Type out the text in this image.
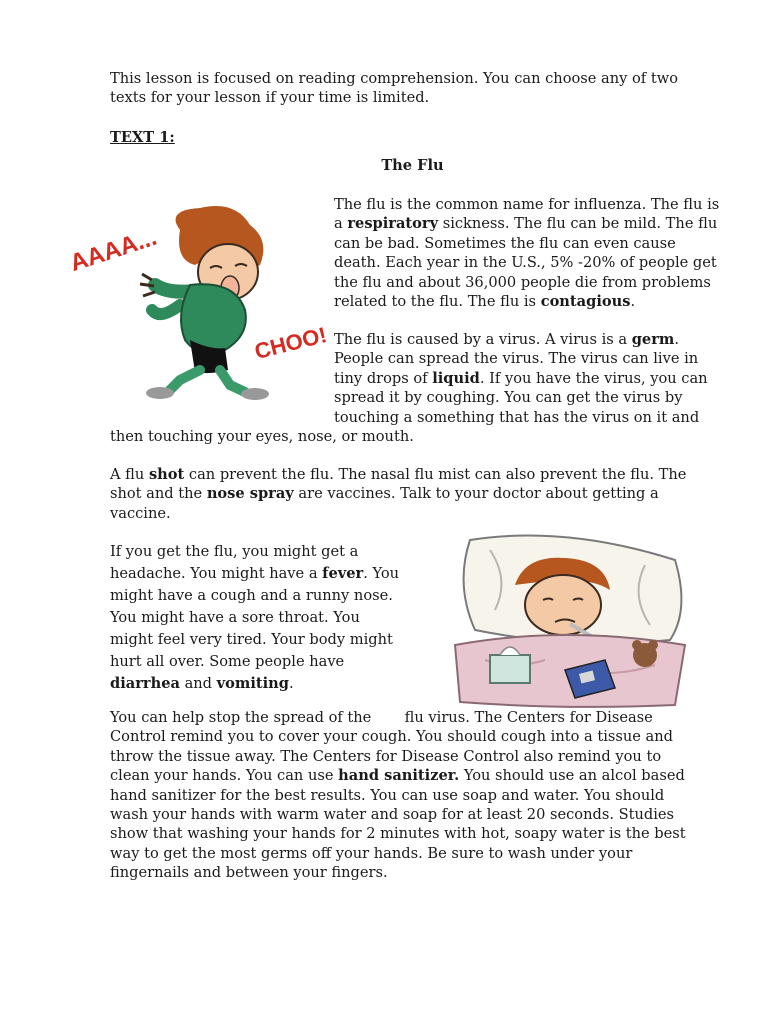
This lesson is focused on reading comprehension. You can choose any of two texts for your lesson if your time is limited.

TEXT 1:

The Flu

AAAA...
CHOO!

The flu is the common name for influenza. The flu is a respiratory sickness. The flu can be mild. The flu can be bad. Sometimes the flu can even cause death. Each year in the U.S., 5% -20% of people get the flu and about 36,000 people die from problems related to the flu. The flu is contagious.

The flu is caused by a virus. A virus is a germ. People can spread the virus. The virus can live in tiny drops of liquid. If you have the virus, you can spread it by coughing. You can get the virus by touching a something that has the virus on it and
then touching your eyes, nose, or mouth.

A flu shot can prevent the flu. The nasal flu mist can also prevent the flu. The shot and the nose spray are vaccines. Talk to your doctor about getting a vaccine.

If you get the flu, you might get a headache. You might have a fever. You might have a cough and a runny nose. You might have a sore throat. You might feel very tired. Your body might hurt all over. Some people have diarrhea and vomiting.

You can help stop the spread of the flu virus. The Centers for Disease Control remind you to cover your cough. You should cough into a tissue and throw the tissue away. The Centers for Disease Control also remind you to clean your hands. You can use hand sanitizer. You should use an alcol based hand sanitizer for the best results. You can use soap and water. You should wash your hands with warm water and soap for at least 20 seconds. Studies show that washing your hands for 2 minutes with hot, soapy water is the best way to get the most germs off your hands. Be sure to wash under your fingernails and between your fingers.
